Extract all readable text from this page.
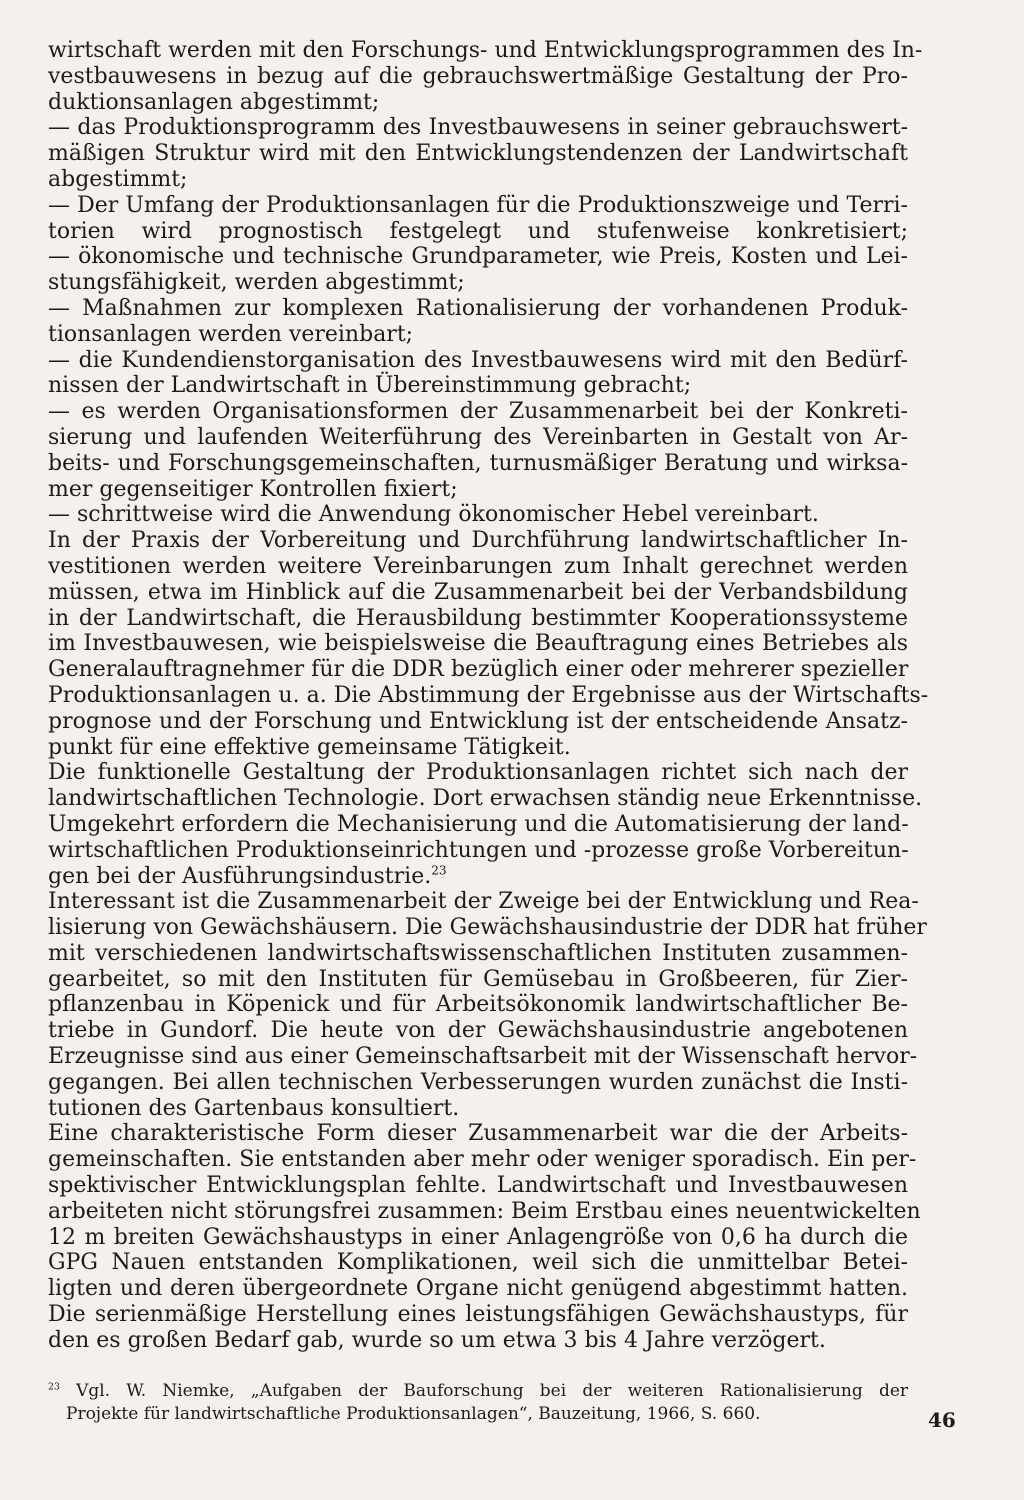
wirtschaft werden mit den Forschungs- und Entwicklungsprogrammen des In-
vestbauwesens in bezug auf die gebrauchswertmäßige Gestaltung der Pro-
duktionsanlagen abgestimmt;
— das Produktionsprogramm des Investbauwesens in seiner gebrauchswert-
mäßigen Struktur wird mit den Entwicklungstendenzen der Landwirtschaft
abgestimmt;
— Der Umfang der Produktionsanlagen für die Produktionszweige und Terri-
torien wird prognostisch festgelegt und stufenweise konkretisiert;
— ökonomische und technische Grundparameter, wie Preis, Kosten und Lei-
stungsfähigkeit, werden abgestimmt;
— Maßnahmen zur komplexen Rationalisierung der vorhandenen Produk-
tionsanlagen werden vereinbart;
— die Kundendienstorganisation des Investbauwesens wird mit den Bedürf-
nissen der Landwirtschaft in Übereinstimmung gebracht;
— es werden Organisationsformen der Zusammenarbeit bei der Konkreti-
sierung und laufenden Weiterführung des Vereinbarten in Gestalt von Ar-
beits- und Forschungsgemeinschaften, turnusmäßiger Beratung und wirksa-
mer gegenseitiger Kontrollen fixiert;
— schrittweise wird die Anwendung ökonomischer Hebel vereinbart.
In der Praxis der Vorbereitung und Durchführung landwirtschaftlicher In-
vestitionen werden weitere Vereinbarungen zum Inhalt gerechnet werden
müssen, etwa im Hinblick auf die Zusammenarbeit bei der Verbandsbildung
in der Landwirtschaft, die Herausbildung bestimmter Kooperationssysteme
im Investbauwesen, wie beispielsweise die Beauftragung eines Betriebes als
Generalauftragnehmer für die DDR bezüglich einer oder mehrerer spezieller
Produktionsanlagen u. a. Die Abstimmung der Ergebnisse aus der Wirtschafts-
prognose und der Forschung und Entwicklung ist der entscheidende Ansatz-
punkt für eine effektive gemeinsame Tätigkeit.
Die funktionelle Gestaltung der Produktionsanlagen richtet sich nach der
landwirtschaftlichen Technologie. Dort erwachsen ständig neue Erkenntnisse.
Umgekehrt erfordern die Mechanisierung und die Automatisierung der land-
wirtschaftlichen Produktionseinrichtungen und -prozesse große Vorbereitun-
gen bei der Ausführungsindustrie.$^{23}$
Interessant ist die Zusammenarbeit der Zweige bei der Entwicklung und Rea-
lisierung von Gewächshäusern. Die Gewächshausindustrie der DDR hat früher
mit verschiedenen landwirtschaftswissenschaftlichen Instituten zusammen-
gearbeitet, so mit den Instituten für Gemüsebau in Großbeeren, für Zier-
pflanzenbau in Köpenick und für Arbeitsökonomik landwirtschaftlicher Be-
triebe in Gundorf. Die heute von der Gewächshausindustrie angebotenen
Erzeugnisse sind aus einer Gemeinschaftsarbeit mit der Wissenschaft hervor-
gegangen. Bei allen technischen Verbesserungen wurden zunächst die Insti-
tutionen des Gartenbaus konsultiert.
Eine charakteristische Form dieser Zusammenarbeit war die der Arbeits-
gemeinschaften. Sie entstanden aber mehr oder weniger sporadisch. Ein per-
spektivischer Entwicklungsplan fehlte. Landwirtschaft und Investbauwesen
arbeiteten nicht störungsfrei zusammen: Beim Erstbau eines neuentwickelten
12 m breiten Gewächshaustyps in einer Anlagengröße von 0,6 ha durch die
GPG Nauen entstanden Komplikationen, weil sich die unmittelbar Betei-
ligten und deren übergeordnete Organe nicht genügend abgestimmt hatten.
Die serienmäßige Herstellung eines leistungsfähigen Gewächshaustyps, für
den es großen Bedarf gab, wurde so um etwa 3 bis 4 Jahre verzögert.
$^{23}$ Vgl. W. Niemke, „Aufgaben der Bauforschung bei der weiteren Rationalisierung der
Projekte für landwirtschaftliche Produktionsanlagen“, Bauzeitung, 1966, S. 660.	46
